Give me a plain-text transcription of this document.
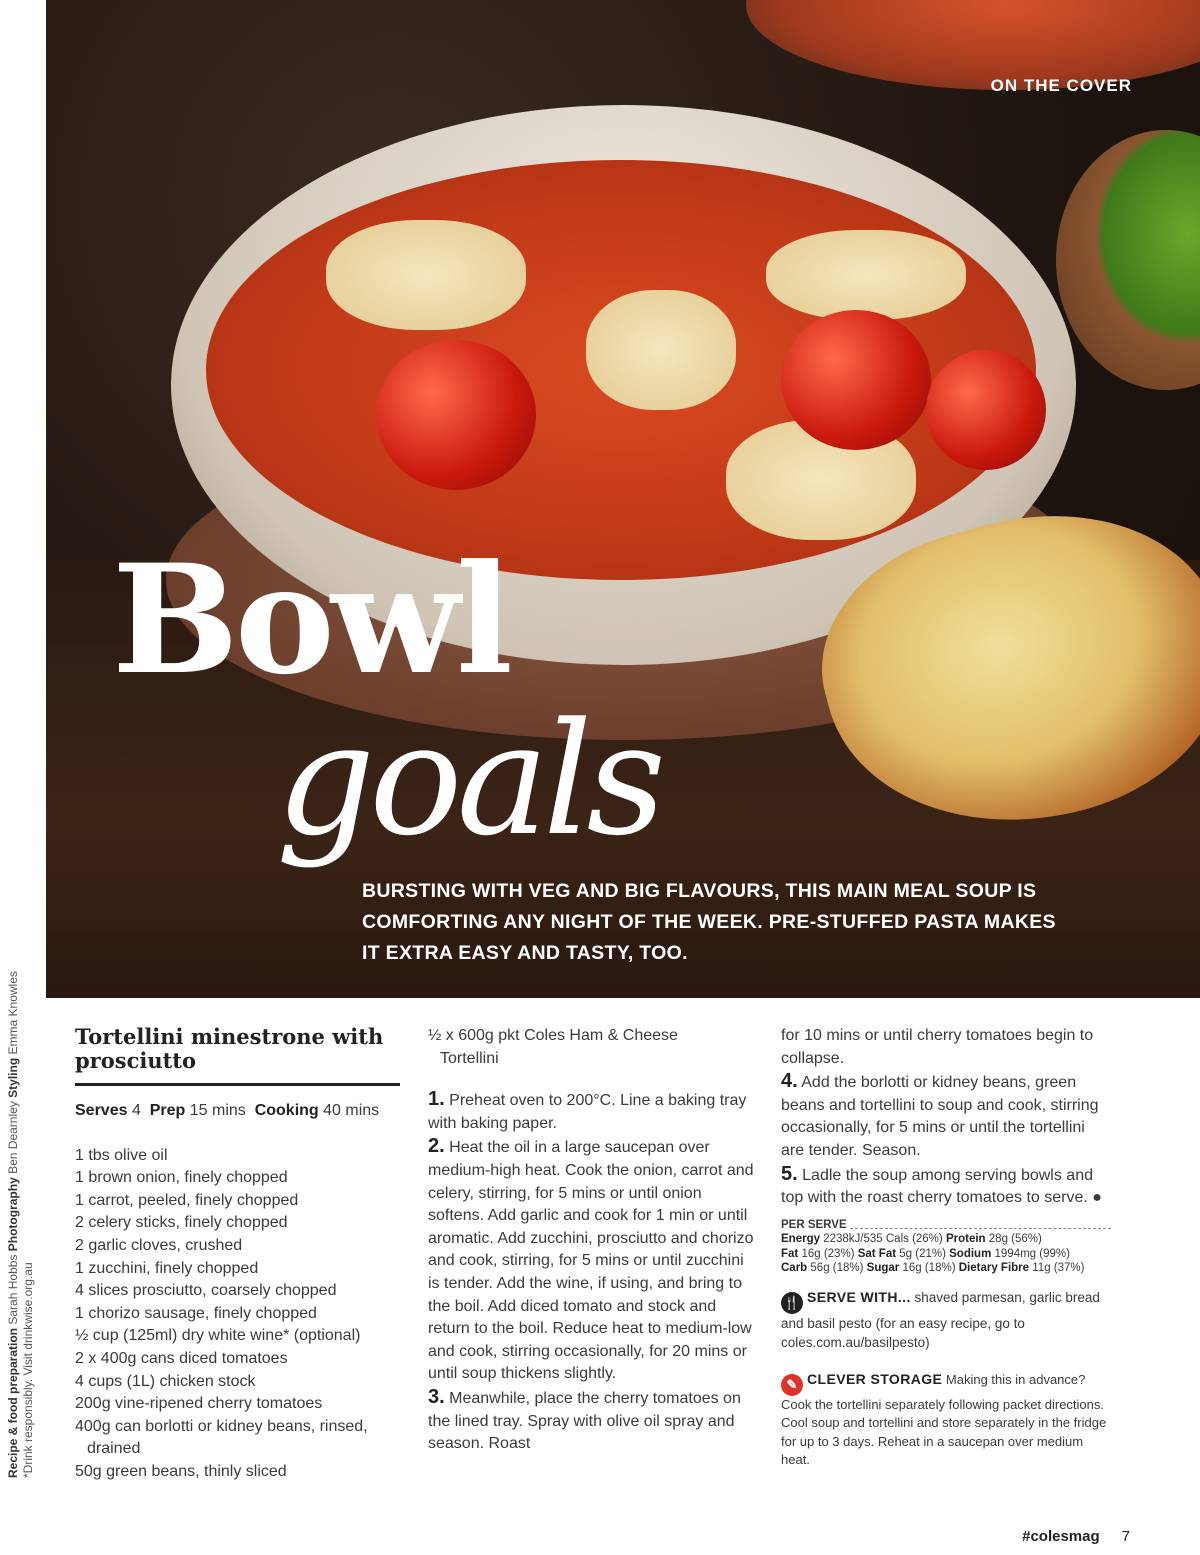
ON THE COVER
Bowl
goals
BURSTING WITH VEG AND BIG FLAVOURS, THIS MAIN MEAL SOUP IS COMFORTING ANY NIGHT OF THE WEEK. PRE-STUFFED PASTA MAKES IT EXTRA EASY AND TASTY, TOO.
Recipe & food preparation Sarah Hobbs Photography Ben Dearnley Styling Emma Knowles
*Drink responsibly. Visit drinkwise.org.au
Tortellini minestrone with prosciutto
Serves 4 Prep 15 mins Cooking 40 mins
1 tbs olive oil
1 brown onion, finely chopped
1 carrot, peeled, finely chopped
2 celery sticks, finely chopped
2 garlic cloves, crushed
1 zucchini, finely chopped
4 slices prosciutto, coarsely chopped
1 chorizo sausage, finely chopped
½ cup (125ml) dry white wine* (optional)
2 x 400g cans diced tomatoes
4 cups (1L) chicken stock
200g vine-ripened cherry tomatoes
400g can borlotti or kidney beans, rinsed, drained
50g green beans, thinly sliced
½ x 600g pkt Coles Ham & Cheese Tortellini
1. Preheat oven to 200°C. Line a baking tray with baking paper.
2. Heat the oil in a large saucepan over medium-high heat. Cook the onion, carrot and celery, stirring, for 5 mins or until onion softens. Add garlic and cook for 1 min or until aromatic. Add zucchini, prosciutto and chorizo and cook, stirring, for 5 mins or until zucchini is tender. Add the wine, if using, and bring to the boil. Add diced tomato and stock and return to the boil. Reduce heat to medium-low and cook, stirring occasionally, for 20 mins or until soup thickens slightly.
3. Meanwhile, place the cherry tomatoes on the lined tray. Spray with olive oil spray and season. Roast
for 10 mins or until cherry tomatoes begin to collapse.
4. Add the borlotti or kidney beans, green beans and tortellini to soup and cook, stirring occasionally, for 5 mins or until the tortellini are tender. Season.
5. Ladle the soup among serving bowls and top with the roast cherry tomatoes to serve. ●
PER SERVE
Energy 2238kJ/535 Cals (26%) Protein 28g (56%)
Fat 16g (23%) Sat Fat 5g (21%) Sodium 1994mg (99%)
Carb 56g (18%) Sugar 16g (18%) Dietary Fibre 11g (37%)
🍴 SERVE WITH... shaved parmesan, garlic bread and basil pesto (for an easy recipe, go to coles.com.au/basilpesto)
✎ CLEVER STORAGE Making this in advance? Cook the tortellini separately following packet directions. Cool soup and tortellini and store separately in the fridge for up to 3 days. Reheat in a saucepan over medium heat.
#colesmag 7
